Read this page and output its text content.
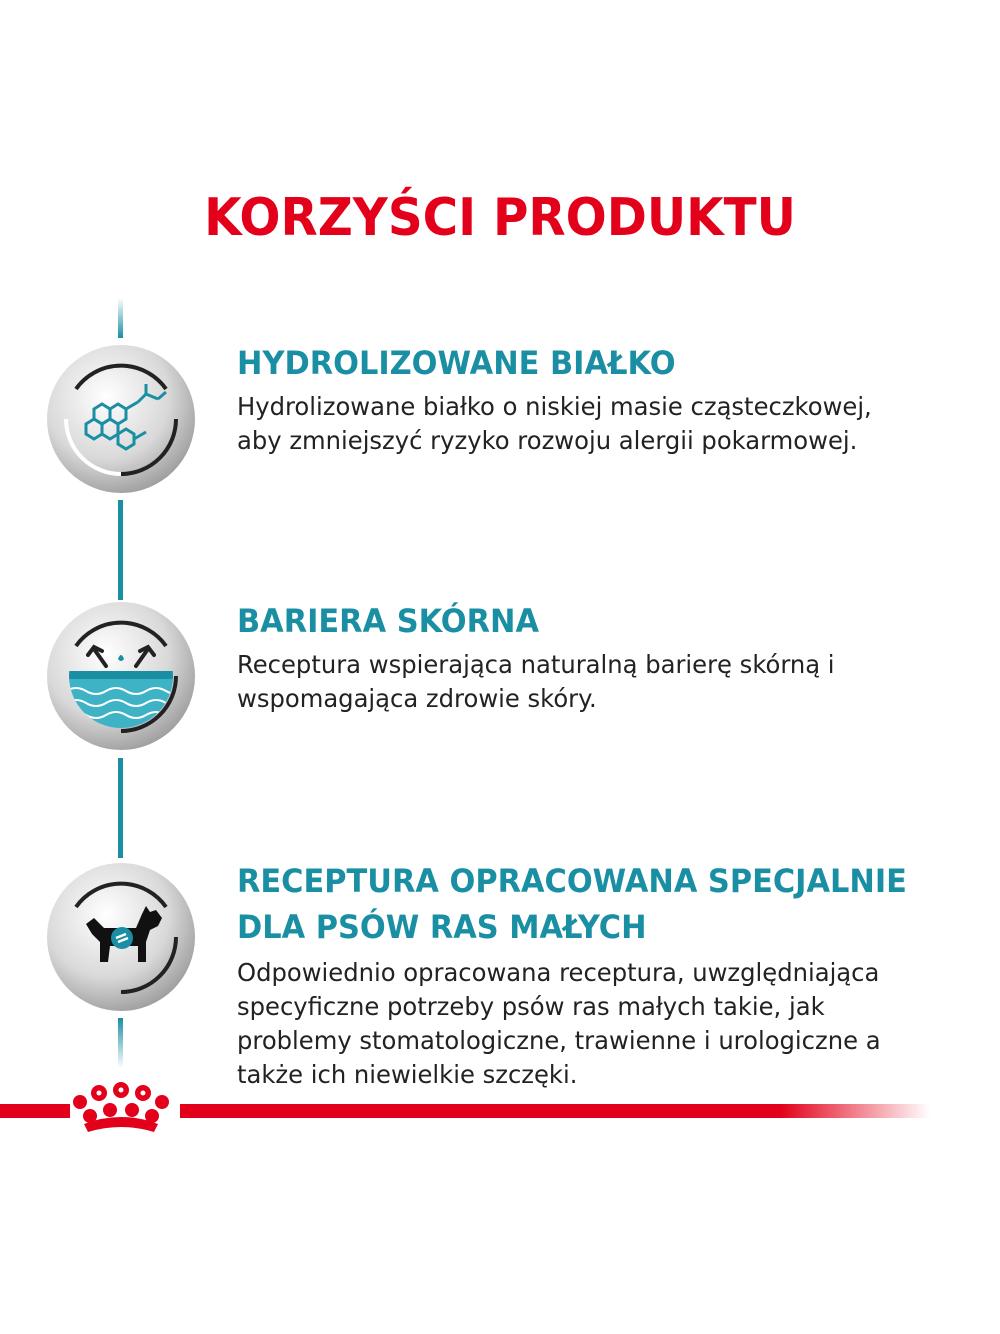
KORZYŚCI PRODUKTU
HYDROLIZOWANE BIAŁKO

Hydrolizowane białko o niskiej masie cząsteczkowej,
aby zmniejszyć ryzyko rozwoju alergii pokarmowej.

BARIERA SKÓRNA

Receptura wspierająca naturalną barierę skórną i
wspomagająca zdrowie skóry.

RECEPTURA OPRACOWANA SPECJALNIE
DLA PSÓW RAS MAŁYCH

Odpowiednio opracowana receptura, uwzględniająca
specyficzne potrzeby psów ras małych takie, jak
problemy stomatologiczne, trawienne i urologiczne a
także ich niewielkie szczęki.
